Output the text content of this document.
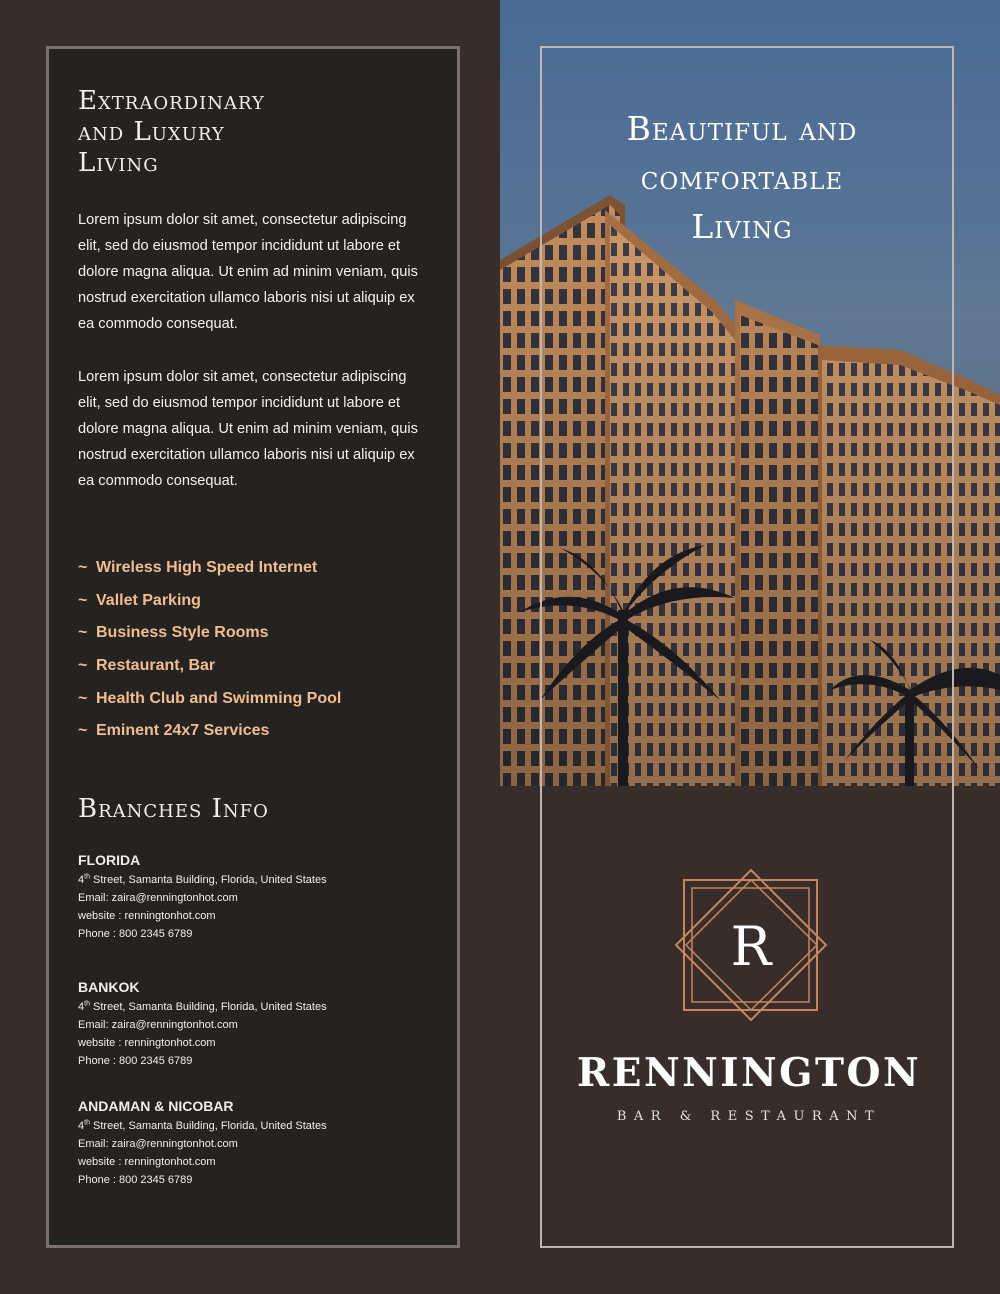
Extraordinary
and Luxury
Living

Lorem ipsum dolor sit amet, consectetur adipiscing elit, sed do eiusmod tempor incididunt ut labore et dolore magna aliqua. Ut enim ad minim veniam, quis nostrud exercitation ullamco laboris nisi ut aliquip ex ea commodo consequat.

Lorem ipsum dolor sit amet, consectetur adipiscing elit, sed do eiusmod tempor incididunt ut labore et dolore magna aliqua. Ut enim ad minim veniam, quis nostrud exercitation ullamco laboris nisi ut aliquip ex ea commodo consequat.

~ Wireless High Speed Internet
~ Vallet Parking
~ Business Style Rooms
~ Restaurant, Bar
~ Health Club and Swimming Pool
~ Eminent 24x7 Services
Branches Info
FLORIDA
4th Street, Samanta Building, Florida, United States
Email: zaira@renningtonhot.com
website : renningtonhot.com
Phone : 800 2345 6789
BANKOK
4th Street, Samanta Building, Florida, United States
Email: zaira@renningtonhot.com
website : renningtonhot.com
Phone : 800 2345 6789
ANDAMAN & NICOBAR
4th Street, Samanta Building, Florida, United States
Email: zaira@renningtonhot.com
website : renningtonhot.com
Phone : 800 2345 6789
Beautiful and
comfortable
Living
R
RENNINGTON
BAR & RESTAURANT
